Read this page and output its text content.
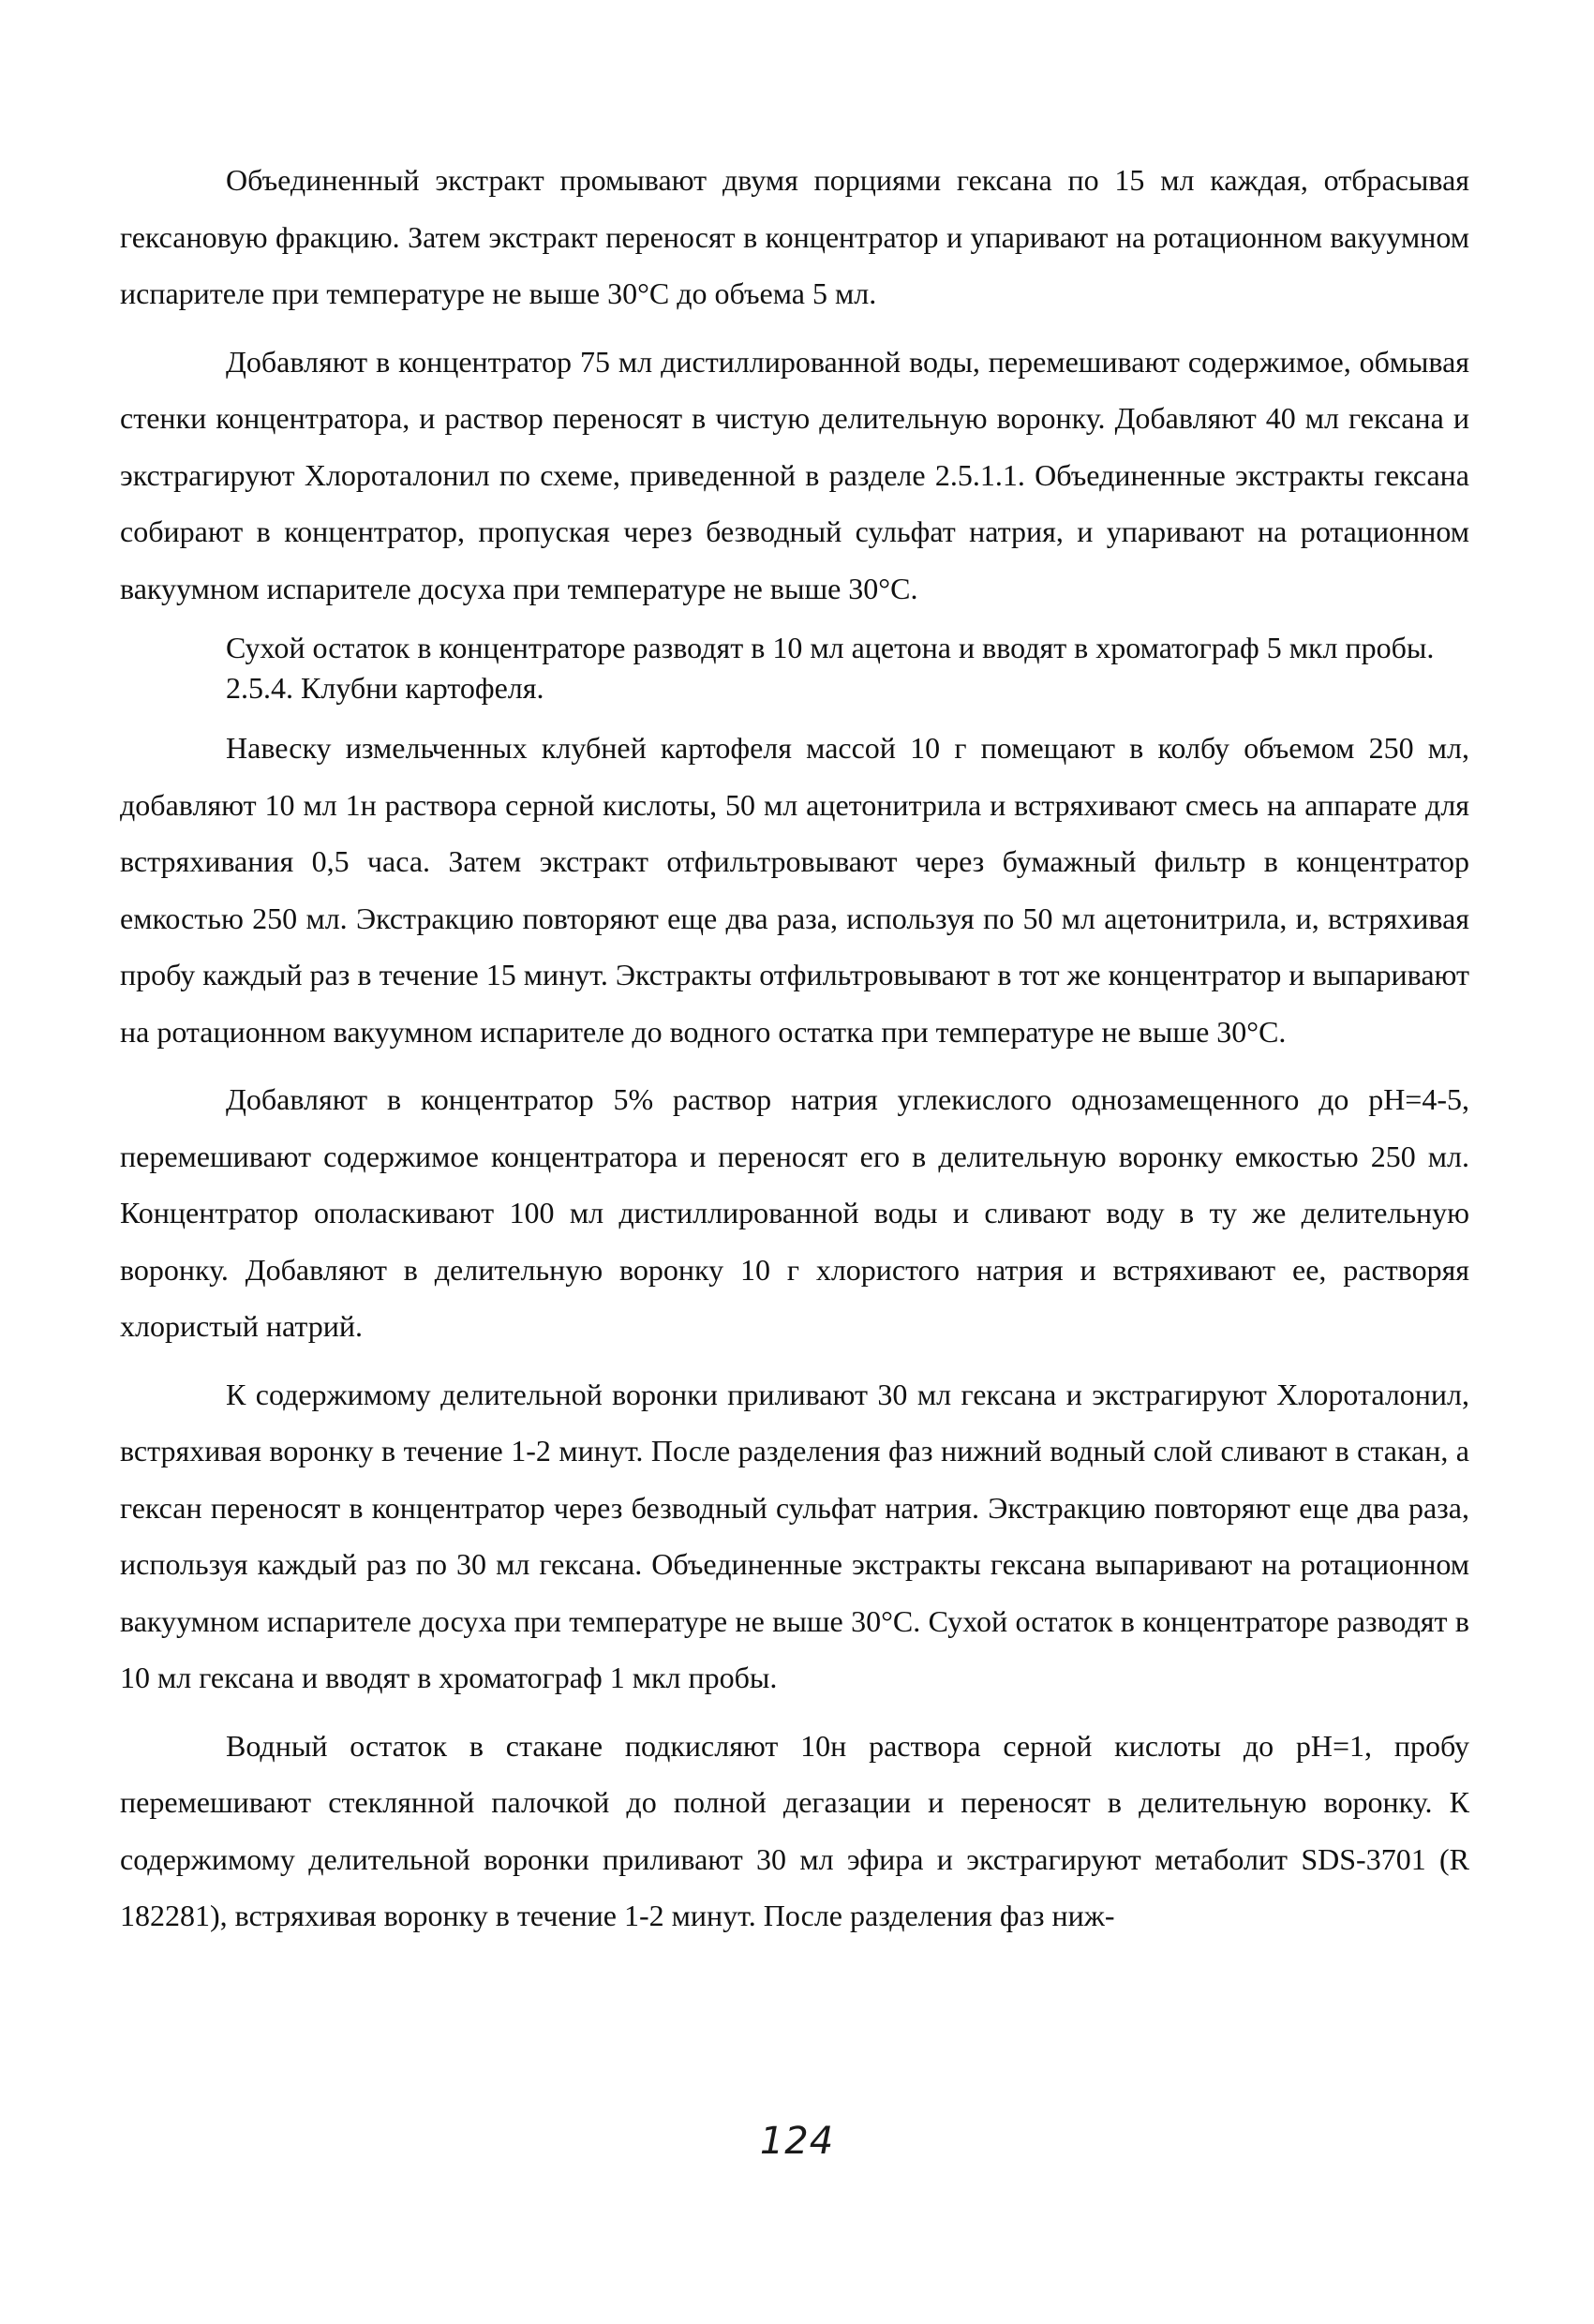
Объединенный экстракт промывают двумя порциями гексана по 15 мл каждая, отбрасывая гексановую фракцию. Затем экстракт переносят в концентратор и упаривают на ротационном вакуумном испарителе при температуре не выше 30°С до объема 5 мл.

Добавляют в концентратор 75 мл дистиллированной воды, перемешивают содержимое, обмывая стенки концентратора, и раствор переносят в чистую делительную воронку. Добавляют 40 мл гексана и экстрагируют Хлороталонил по схеме, приведенной в разделе 2.5.1.1. Объединенные экстракты гексана собирают в концентратор, пропуская через безводный сульфат натрия, и упаривают на ротационном вакуумном испарителе досуха при температуре не выше 30°С.

Сухой остаток в концентраторе разводят в 10 мл ацетона и вводят в хроматограф 5 мкл пробы.

2.5.4. Клубни картофеля.

Навеску измельченных клубней картофеля массой 10 г помещают в колбу объемом 250 мл, добавляют 10 мл 1н раствора серной кислоты, 50 мл ацетонитрила и встряхивают смесь на аппарате для встряхивания 0,5 часа. Затем экстракт отфильтровывают через бумажный фильтр в концентратор емкостью 250 мл. Экстракцию повторяют еще два раза, используя по 50 мл ацетонитрила, и, встряхивая пробу каждый раз в течение 15 минут. Экстракты отфильтровывают в тот же концентратор и выпаривают на ротационном вакуумном испарителе до водного остатка при температуре не выше 30°С.

Добавляют в концентратор 5% раствор натрия углекислого однозамещенного до pH=4-5, перемешивают содержимое концентратора и переносят его в делительную воронку емкостью 250 мл. Концентратор ополаскивают 100 мл дистиллированной воды и сливают воду в ту же делительную воронку. Добавляют в делительную воронку 10 г хлористого натрия и встряхивают ее, растворяя хлористый натрий.

К содержимому делительной воронки приливают 30 мл гексана и экстрагируют Хлороталонил, встряхивая воронку в течение 1-2 минут. После разделения фаз нижний водный слой сливают в стакан, а гексан переносят в концентратор через безводный сульфат натрия. Экстракцию повторяют еще два раза, используя каждый раз по 30 мл гексана. Объединенные экстракты гексана выпаривают на ротационном вакуумном испарителе досуха при температуре не выше 30°С. Сухой остаток в концентраторе разводят в 10 мл гексана и вводят в хроматограф 1 мкл пробы.

Водный остаток в стакане подкисляют 10н раствора серной кислоты до pH=1, пробу перемешивают стеклянной палочкой до полной дегазации и переносят в делительную воронку. К содержимому делительной воронки приливают 30 мл эфира и экстрагируют метаболит SDS-3701 (R 182281), встряхивая воронку в течение 1-2 минут. После разделения фаз ниж-

124
